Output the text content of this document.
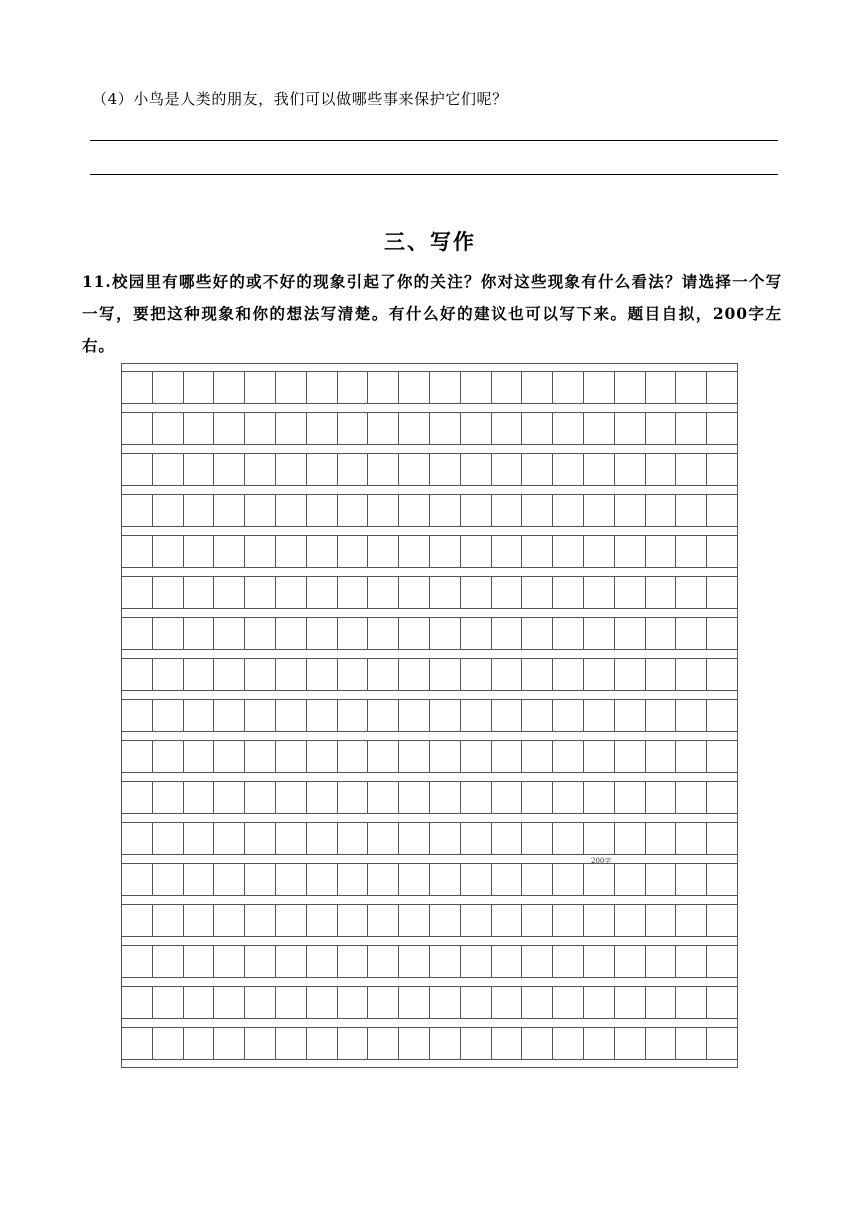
（4）小鸟是人类的朋友，我们可以做哪些事来保护它们呢？
三、写作
11.校园里有哪些好的或不好的现象引起了你的关注？你对这些现象有什么看法？请选择一个写一写，要把这种现象和你的想法写清楚。有什么好的建议也可以写下来。题目自拟，200字左右。
200字
